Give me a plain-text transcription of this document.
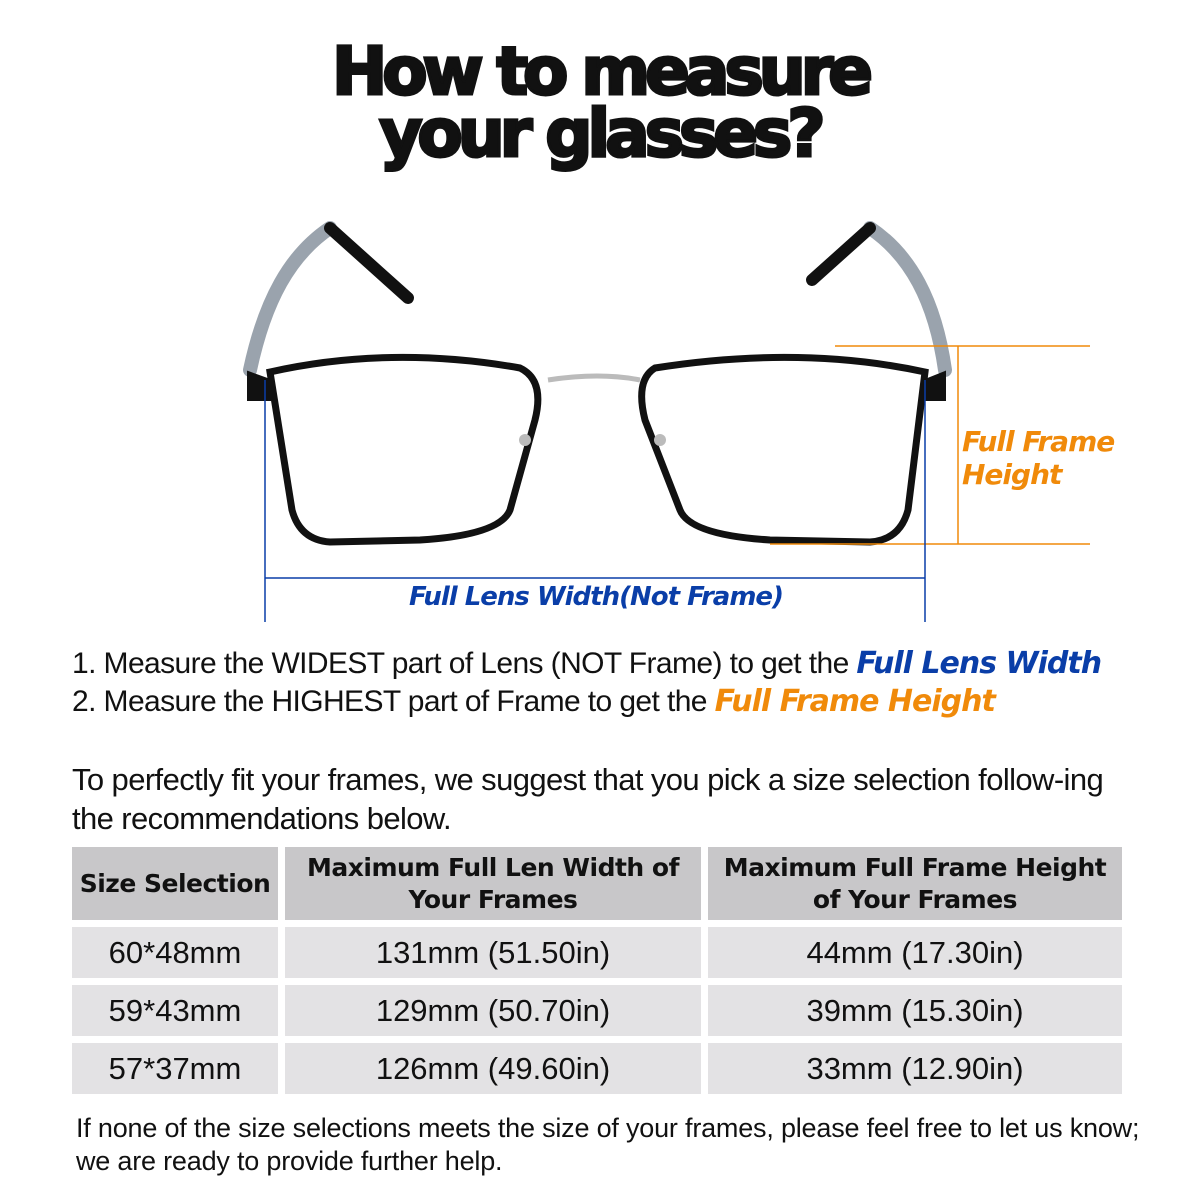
How to measure
your glasses?
Full Frame
Height
Full Lens Width(Not Frame)
1. Measure the WIDEST part of Lens (NOT Frame) to get the Full Lens Width
2. Measure the HIGHEST part of Frame to get the Full Frame Height
To perfectly fit your frames, we suggest that you pick a size selection follow-ing the recommendations below.
Size Selection	Maximum Full Len Width of Your Frames	Maximum Full Frame Height of Your Frames
60*48mm	131mm (51.50in)	44mm (17.30in)
59*43mm	129mm (50.70in)	39mm (15.30in)
57*37mm	126mm (49.60in)	33mm (12.90in)
If none of the size selections meets the size of your frames, please feel free to let us know; we are ready to provide further help.
